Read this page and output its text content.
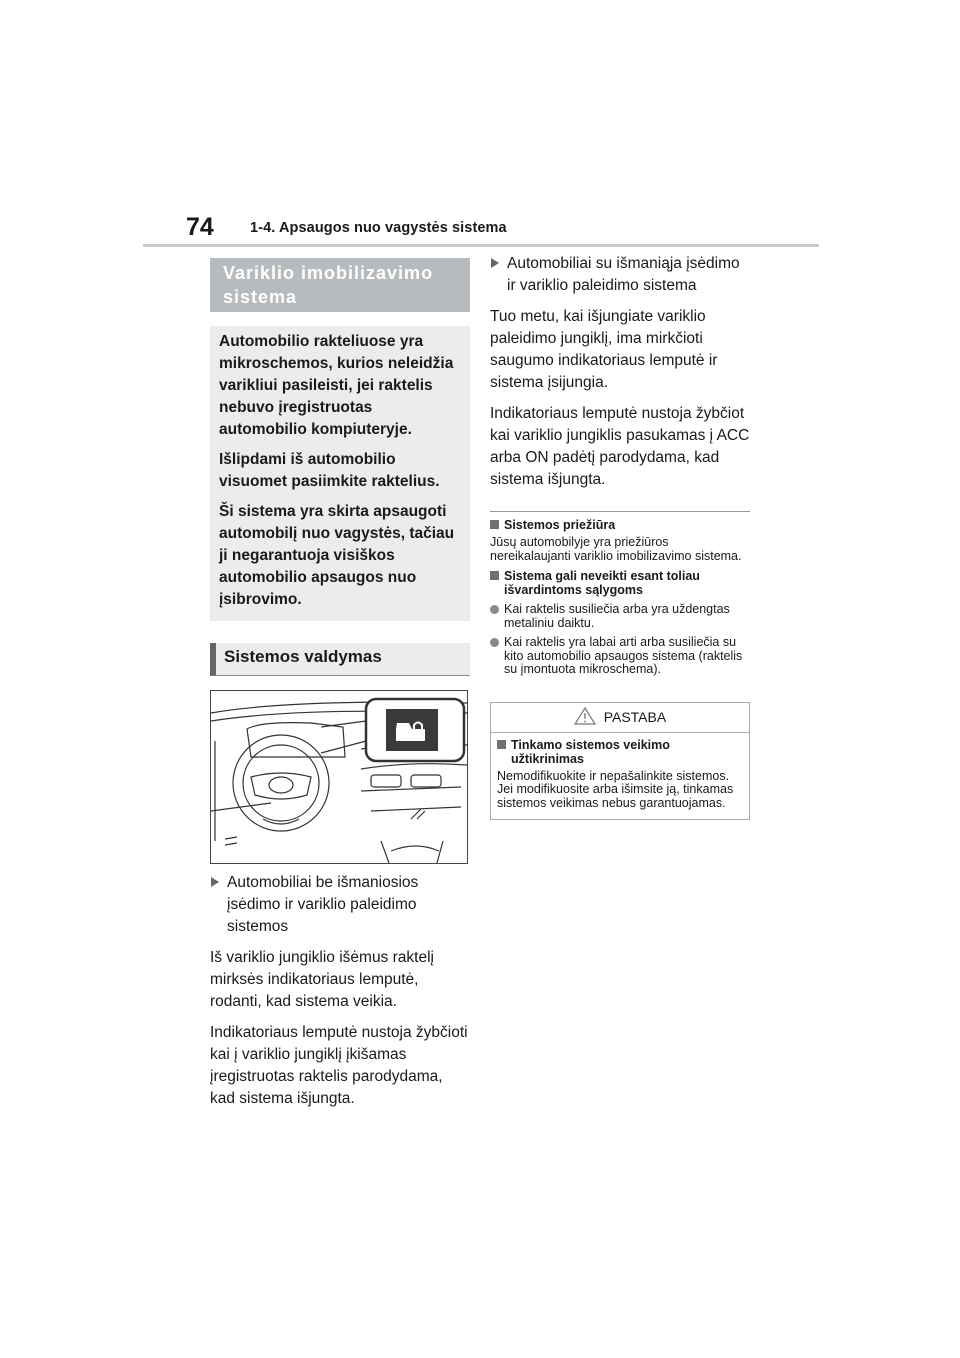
74 1-4. Apsaugos nuo vagystės sistema
Variklio imobilizavimo
sistema

Automobilio rakteliuose yra mikroschemos, kurios neleidžia varikliui pasileisti, jei raktelis nebuvo įregistruotas automobilio kompiuteryje.

Išlipdami iš automobilio visuomet pasiimkite raktelius.

Ši sistema yra skirta apsaugoti automobilį nuo vagystės, tačiau ji negarantuoja visiškos automobilio apsaugos nuo įsibrovimo.

Sistemos valdymas
Automobiliai be išmaniosios įsėdimo ir variklio paleidimo sistemos

Iš variklio jungiklio išėmus raktelį mirksės indikatoriaus lemputė, rodanti, kad sistema veikia.

Indikatoriaus lemputė nustoja žybčioti kai į variklio jungiklį įkišamas įregistruotas raktelis parodydama, kad sistema išjungta.

Automobiliai su išmaniąja įsėdimo ir variklio paleidimo sistema

Tuo metu, kai išjungiate variklio paleidimo jungiklį, ima mirkčioti saugumo indikatoriaus lemputė ir sistema įsijungia.

Indikatoriaus lemputė nustoja žybčiot kai variklio jungiklis pasukamas į ACC arba ON padėtį parodydama, kad sistema išjungta.

Sistemos priežiūra
Jūsų automobilyje yra priežiūros nereikalaujanti variklio imobilizavimo sistema.
Sistema gali neveikti esant toliau išvardintoms sąlygoms
Kai raktelis susiliečia arba yra uždengtas metaliniu daiktu.
Kai raktelis yra labai arti arba susiliečia su kito automobilio apsaugos sistema (raktelis su įmontuota mikroschema).
PASTABA
Tinkamo sistemos veikimo užtikrinimas
Nemodifikuokite ir nepašalinkite sistemos. Jei modifikuosite arba išimsite ją, tinkamas sistemos veikimas nebus garantuojamas.
